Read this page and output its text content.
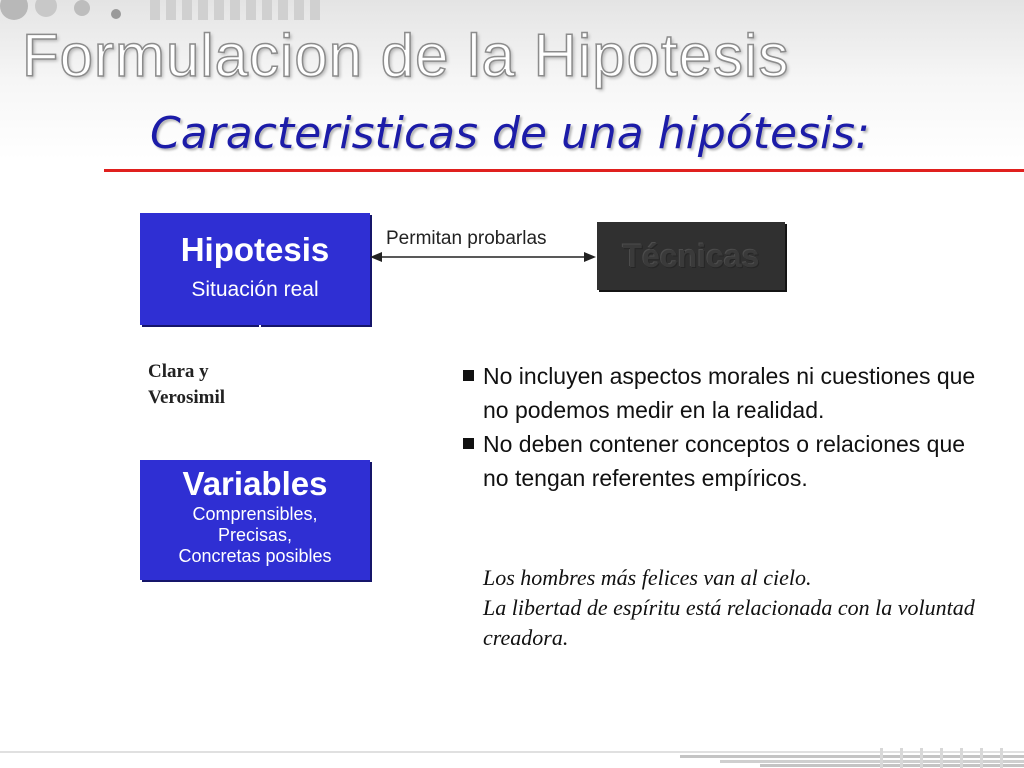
Formulacion de la Hipotesis
Caracteristicas de una hipótesis:
Hipotesis
Situación real
Permitan probarlas Técnicas
Clara y
Verosimil
Medible y
Observable
Variables
Comprensibles,
Precisas,
Concretas posibles
No incluyen aspectos morales ni cuestiones que no podemos medir en la realidad.
No deben contener conceptos o relaciones que no tengan referentes empíricos.

Los hombres más felices van al cielo.
La libertad de espíritu está relacionada con la voluntad creadora.
